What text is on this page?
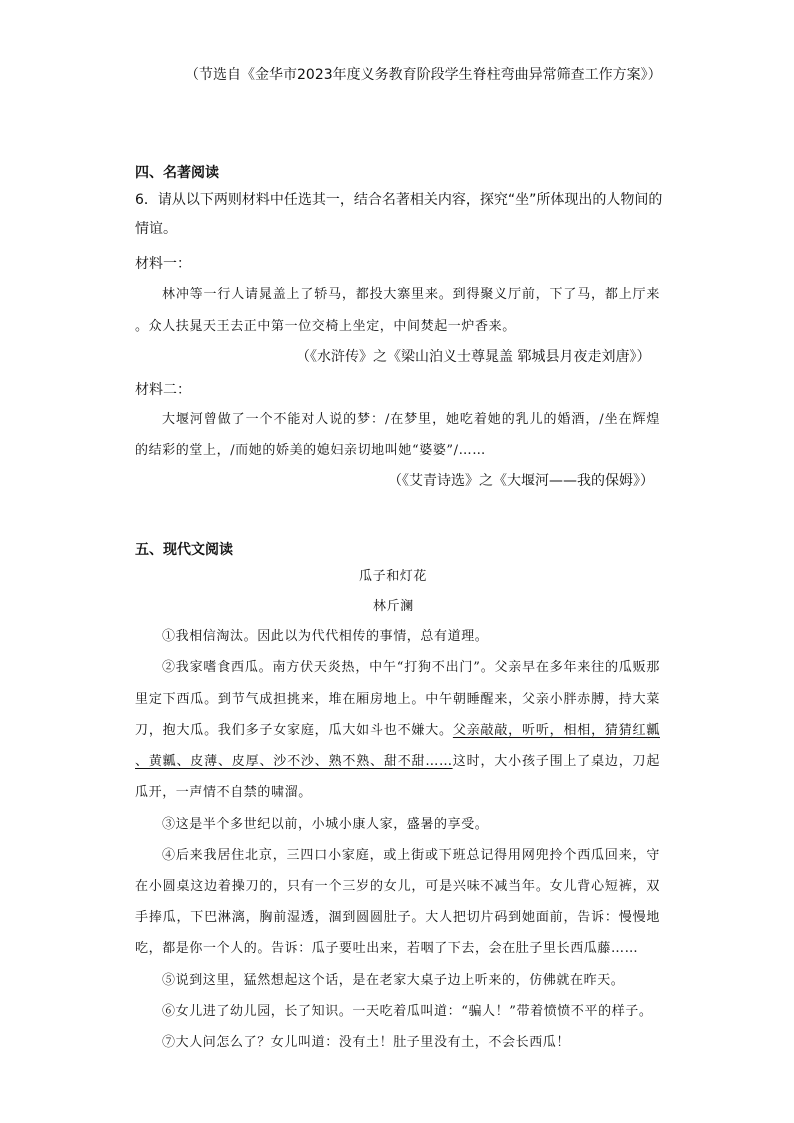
（节选自《金华市2023年度义务教育阶段学生脊柱弯曲异常筛查工作方案》）
四、名著阅读
6．请从以下两则材料中任选其一，结合名著相关内容，探究“坐”所体现出的人物间的
情谊。
材料一：
林冲等一行人请晁盖上了轿马，都投大寨里来。到得聚义厅前，下了马，都上厅来
。众人扶晁天王去正中第一位交椅上坐定，中间焚起一炉香来。
（《水浒传》之《梁山泊义士尊晁盖 郓城县月夜走刘唐》）
材料二：
大堰河曾做了一个不能对人说的梦：/在梦里，她吃着她的乳儿的婚酒，/坐在辉煌
的结彩的堂上，/而她的娇美的媳妇亲切地叫她“婆婆”/……
（《艾青诗选》之《大堰河——我的保姆》）
五、现代文阅读
瓜子和灯花
林斤澜
①我相信淘汰。因此以为代代相传的事情，总有道理。
②我家嗜食西瓜。南方伏天炎热，中午“打狗不出门”。父亲早在多年来往的瓜贩那
里定下西瓜。到节气成担挑来，堆在厢房地上。中午朝睡醒来，父亲小胖赤膊，持大菜
刀，抱大瓜。我们多子女家庭，瓜大如斗也不嫌大。父亲敲敲，听听，相相，猜猜红瓤
、黄瓤、皮薄、皮厚、沙不沙、熟不熟、甜不甜……这时，大小孩子围上了桌边，刀起
瓜开，一声情不自禁的啸溜。
③这是半个多世纪以前，小城小康人家，盛暑的享受。
④后来我居住北京，三四口小家庭，或上街或下班总记得用网兜拎个西瓜回来，守
在小圆桌这边着操刀的，只有一个三岁的女儿，可是兴味不减当年。女儿背心短裤，双
手捧瓜，下巴淋漓，胸前湿透，涸到圆圆肚子。大人把切片码到她面前，告诉：慢慢地
吃，都是你一个人的。告诉：瓜子要吐出来，若咽了下去，会在肚子里长西瓜藤……
⑤说到这里，猛然想起这个话，是在老家大桌子边上听来的，仿佛就在昨天。
⑥女儿进了幼儿园，长了知识。一天吃着瓜叫道：“骗人！”带着愤愤不平的样子。
⑦大人问怎么了？女儿叫道：没有土！肚子里没有土，不会长西瓜！
